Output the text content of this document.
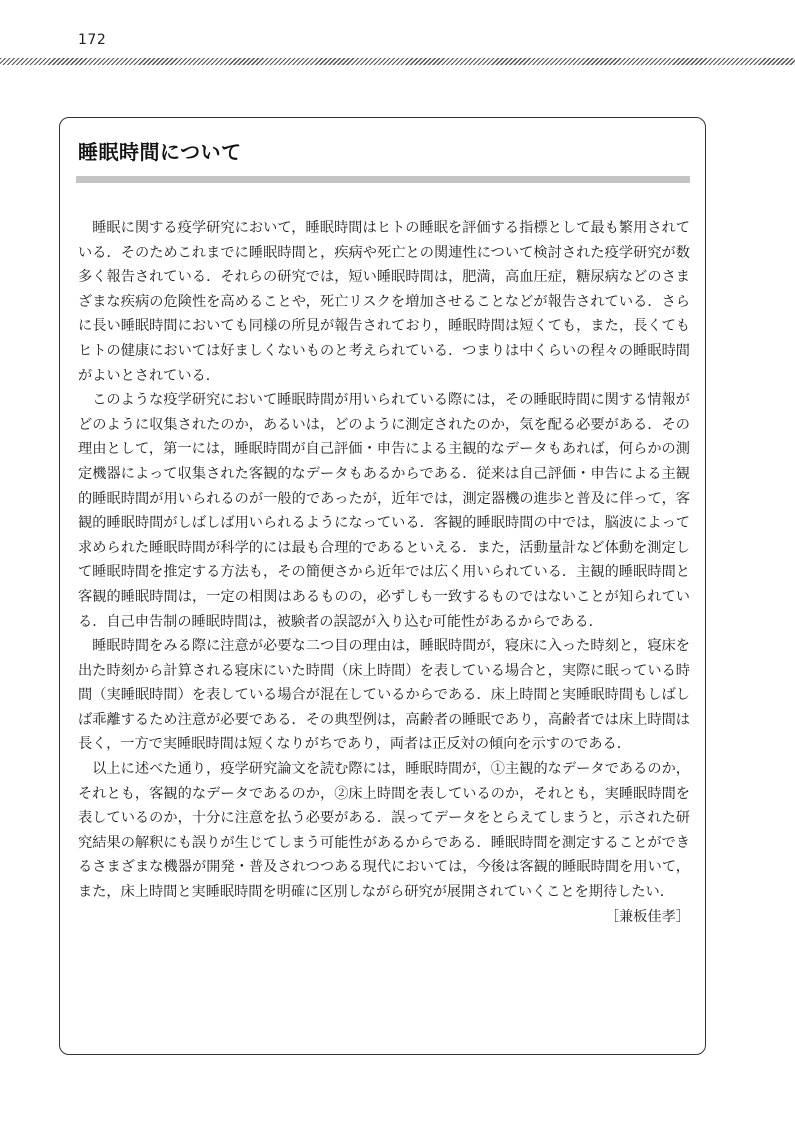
172
睡眠時間について

睡眠に関する疫学研究において，睡眠時間はヒトの睡眠を評価する指標として最も繁用されている．そのためこれまでに睡眠時間と，疾病や死亡との関連性について検討された疫学研究が数多く報告されている．それらの研究では，短い睡眠時間は，肥満，高血圧症，糖尿病などのさまざまな疾病の危険性を高めることや，死亡リスクを増加させることなどが報告されている．さらに長い睡眠時間においても同様の所見が報告されており，睡眠時間は短くても，また，長くてもヒトの健康においては好ましくないものと考えられている．つまりは中くらいの程々の睡眠時間がよいとされている．

このような疫学研究において睡眠時間が用いられている際には，その睡眠時間に関する情報がどのように収集されたのか，あるいは，どのように測定されたのか，気を配る必要がある．その理由として，第一には，睡眠時間が自己評価・申告による主観的なデータもあれば，何らかの測定機器によって収集された客観的なデータもあるからである．従来は自己評価・申告による主観的睡眠時間が用いられるのが一般的であったが，近年では，測定器機の進歩と普及に伴って，客観的睡眠時間がしばしば用いられるようになっている．客観的睡眠時間の中では，脳波によって求められた睡眠時間が科学的には最も合理的であるといえる．また，活動量計など体動を測定して睡眠時間を推定する方法も，その簡便さから近年では広く用いられている．主観的睡眠時間と客観的睡眠時間は，一定の相関はあるものの，必ずしも一致するものではないことが知られている．自己申告制の睡眠時間は，被験者の誤認が入り込む可能性があるからである．

睡眠時間をみる際に注意が必要な二つ目の理由は，睡眠時間が，寝床に入った時刻と，寝床を出た時刻から計算される寝床にいた時間（床上時間）を表している場合と，実際に眠っている時間（実睡眠時間）を表している場合が混在しているからである．床上時間と実睡眠時間もしばしば乖離するため注意が必要である．その典型例は，高齢者の睡眠であり，高齢者では床上時間は長く，一方で実睡眠時間は短くなりがちであり，両者は正反対の傾向を示すのである．

以上に述べた通り，疫学研究論文を読む際には，睡眠時間が，①主観的なデータであるのか，それとも，客観的なデータであるのか，②床上時間を表しているのか，それとも，実睡眠時間を表しているのか，十分に注意を払う必要がある．誤ってデータをとらえてしまうと，示された研究結果の解釈にも誤りが生じてしまう可能性があるからである．睡眠時間を測定することができるさまざまな機器が開発・普及されつつある現代においては，今後は客観的睡眠時間を用いて，また，床上時間と実睡眠時間を明確に区別しながら研究が展開されていくことを期待したい．
［兼板佳孝］
